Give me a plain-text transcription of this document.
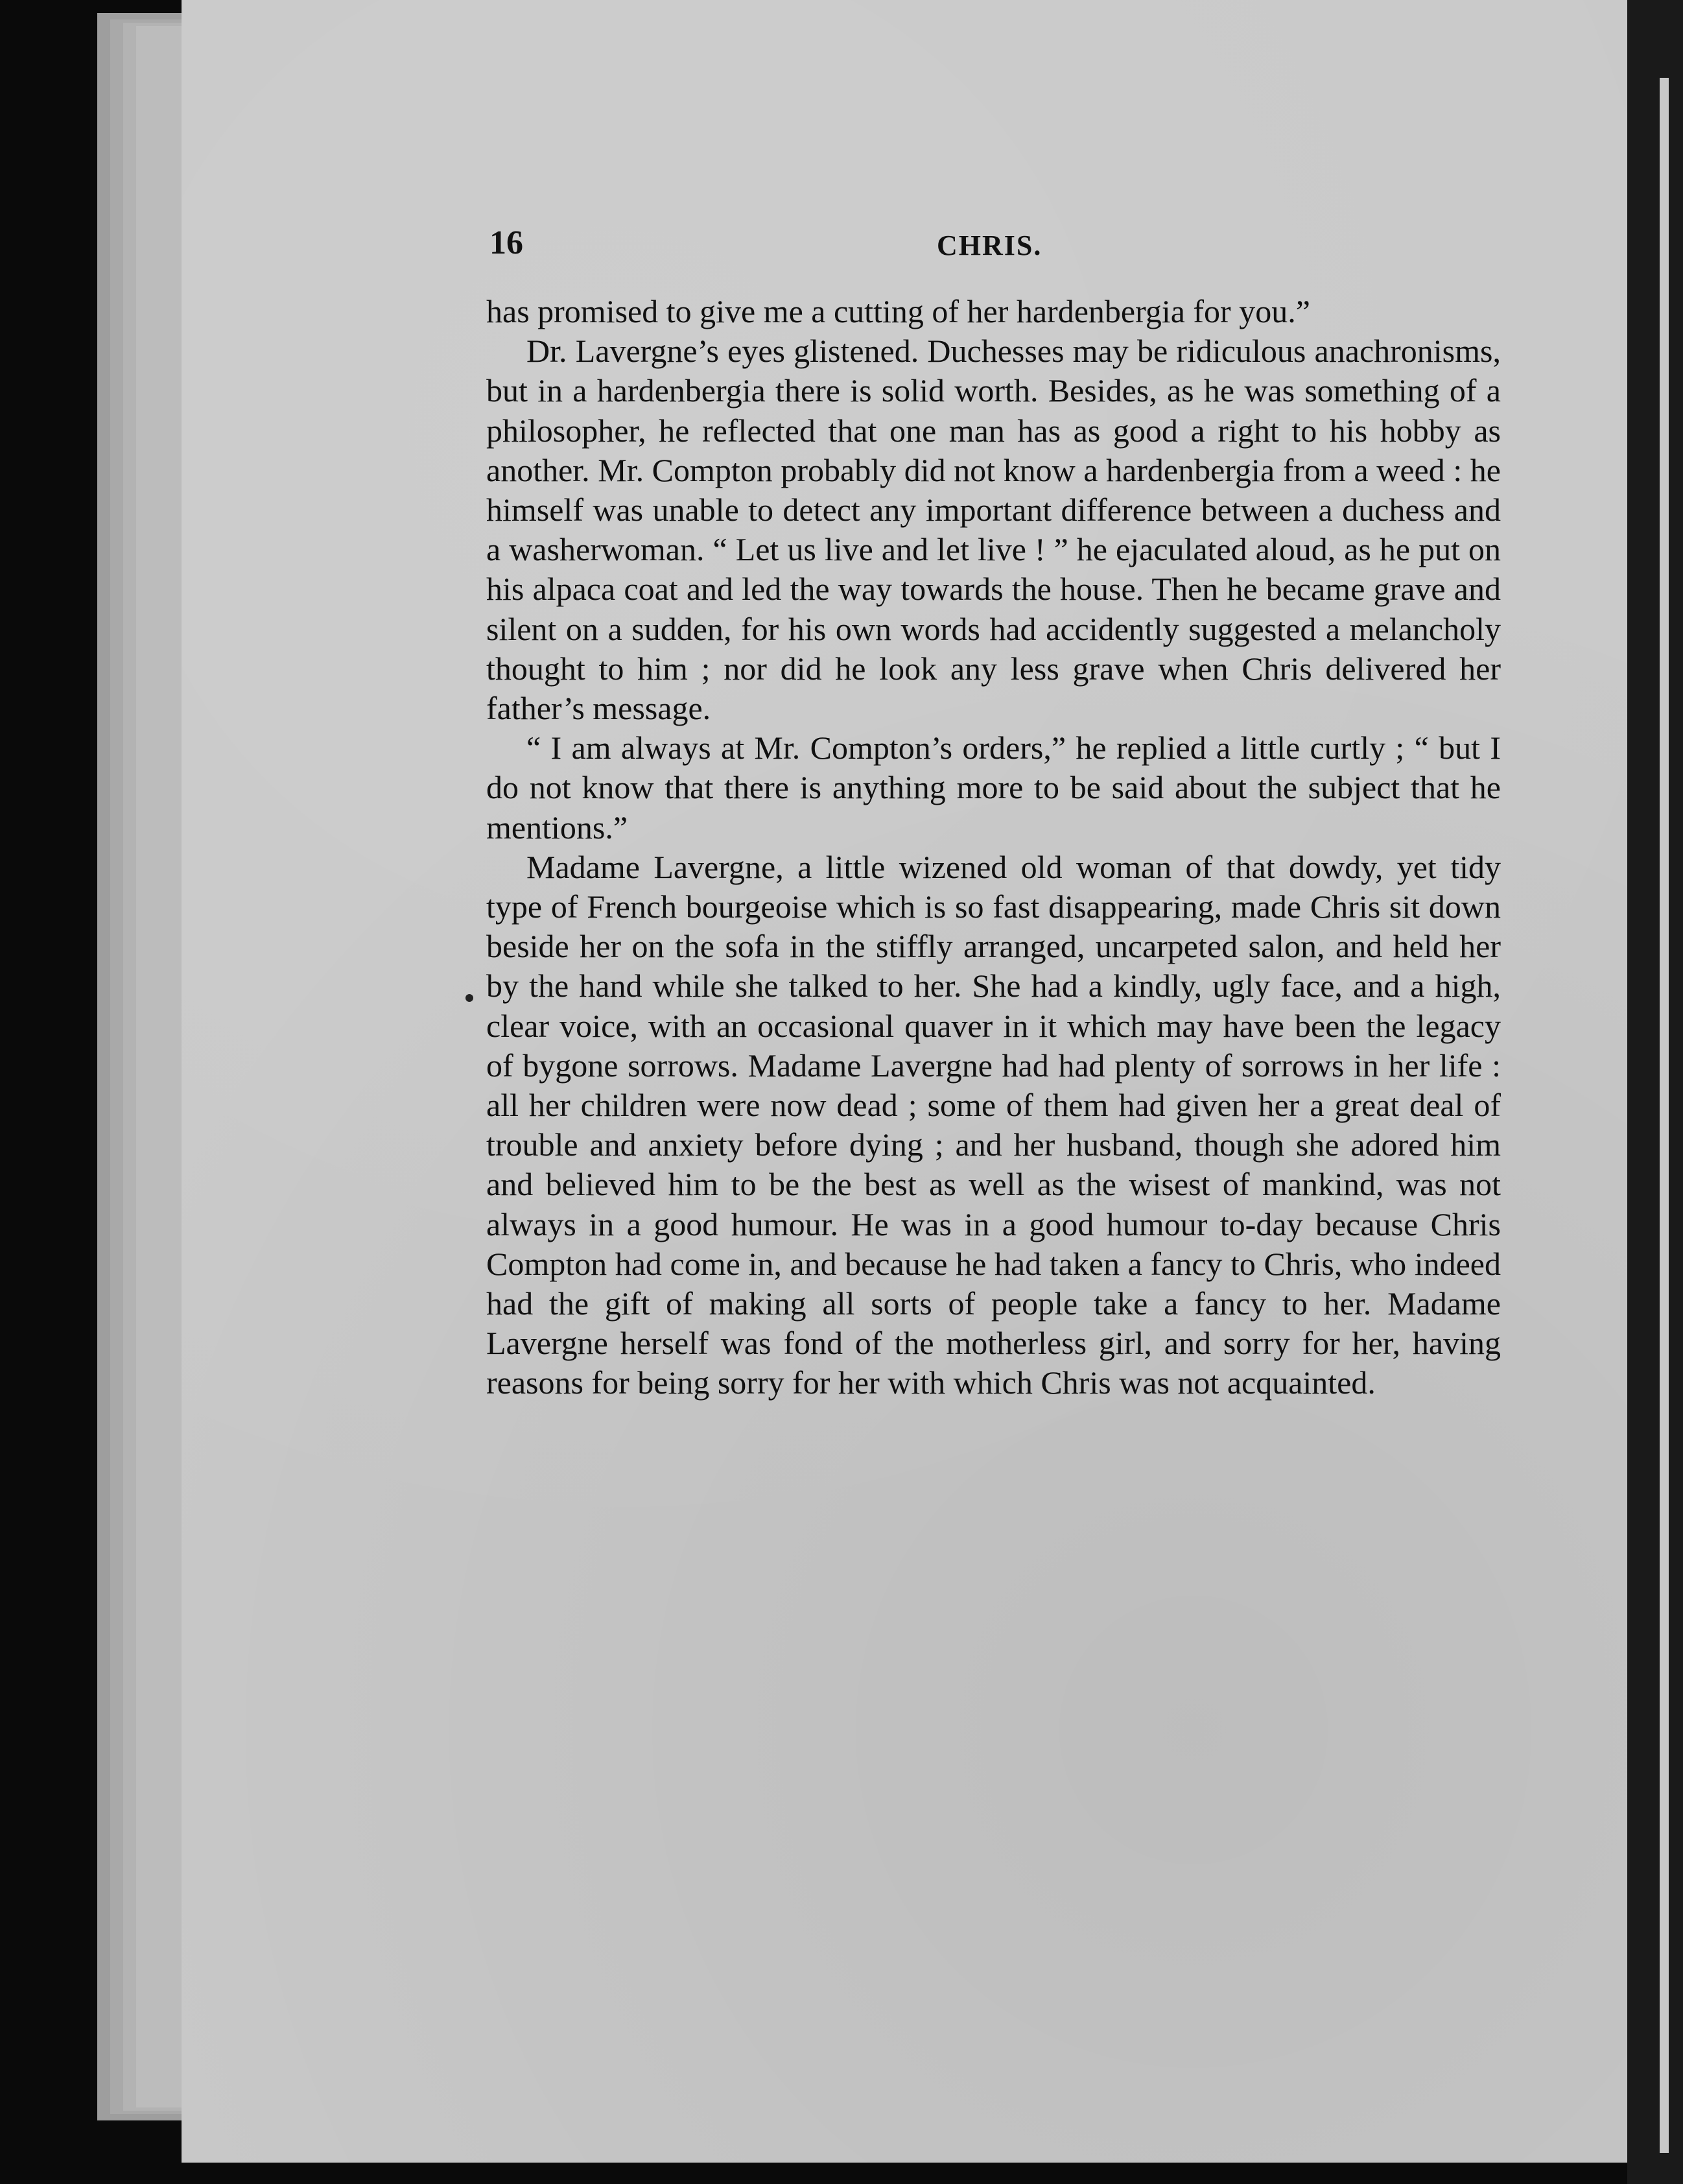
16	CHRIS.

has promised to give me a cutting of her hardenbergia for you.”

Dr. Lavergne’s eyes glistened. Duchesses may be ridiculous anachronisms, but in a hardenbergia there is solid worth. Besides, as he was something of a philosopher, he reflected that one man has as good a right to his hobby as another. Mr. Compton probably did not know a hardenbergia from a weed : he himself was unable to detect any important difference between a duchess and a washerwoman. “ Let us live and let live ! ” he ejaculated aloud, as he put on his alpaca coat and led the way towards the house. Then he became grave and silent on a sudden, for his own words had accidently suggested a melancholy thought to him ; nor did he look any less grave when Chris delivered her father’s message.

“ I am always at Mr. Compton’s orders,” he replied a little curtly ; “ but I do not know that there is anything more to be said about the subject that he mentions.”

Madame Lavergne, a little wizened old woman of that dowdy, yet tidy type of French bourgeoise which is so fast disappearing, made Chris sit down beside her on the sofa in the stiffly arranged, uncarpeted salon, and held her by the hand while she talked to her. She had a kindly, ugly face, and a high, clear voice, with an occasional quaver in it which may have been the legacy of bygone sorrows. Madame Lavergne had had plenty of sorrows in her life : all her children were now dead ; some of them had given her a great deal of trouble and anxiety before dying ; and her husband, though she adored him and believed him to be the best as well as the wisest of mankind, was not always in a good humour. He was in a good humour to-day because Chris Compton had come in, and because he had taken a fancy to Chris, who indeed had the gift of making all sorts of people take a fancy to her. Madame Lavergne herself was fond of the motherless girl, and sorry for her, having reasons for being sorry for her with which Chris was not acquainted.
